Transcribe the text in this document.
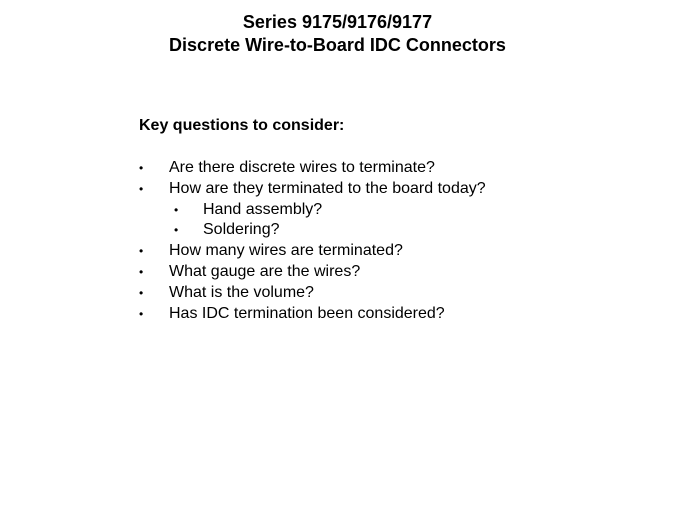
Series 9175/9176/9177
Discrete Wire-to-Board IDC Connectors
Key questions to consider:
•	Are there discrete wires to terminate?
•	How are they terminated to the board today?
•	Hand assembly?
•	Soldering?
•	How many wires are terminated?
•	What gauge are the wires?
•	What is the volume?
•	Has IDC termination been considered?
